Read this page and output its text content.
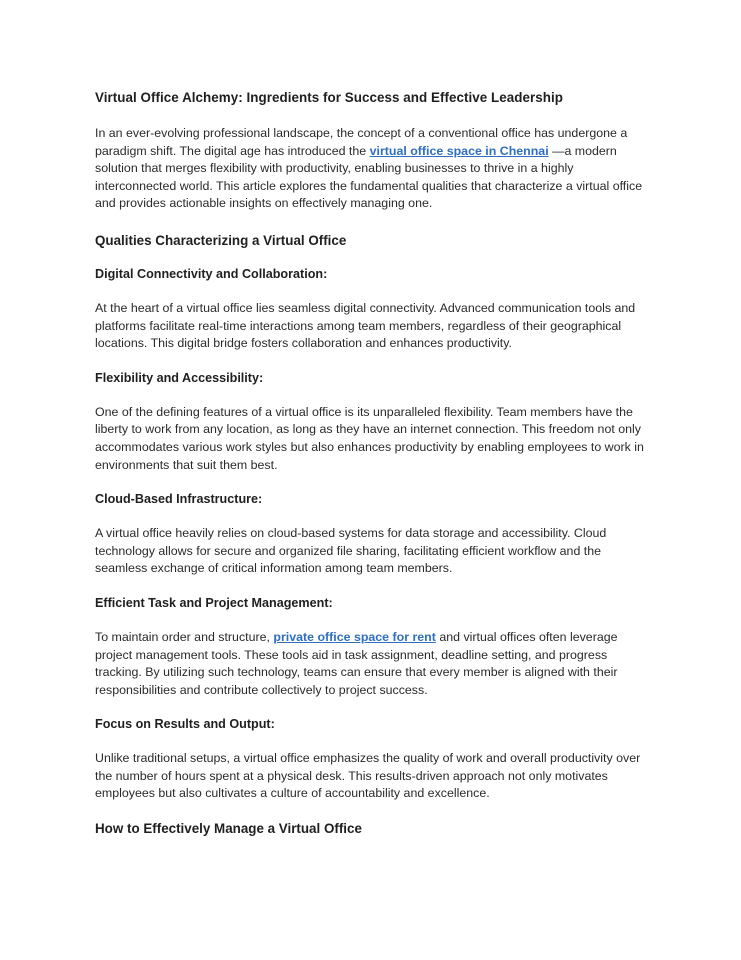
Virtual Office Alchemy: Ingredients for Success and Effective Leadership

In an ever-evolving professional landscape, the concept of a conventional office has undergone a paradigm shift. The digital age has introduced the virtual office space in Chennai —a modern solution that merges flexibility with productivity, enabling businesses to thrive in a highly interconnected world. This article explores the fundamental qualities that characterize a virtual office and provides actionable insights on effectively managing one.

Qualities Characterizing a Virtual Office
Digital Connectivity and Collaboration:

At the heart of a virtual office lies seamless digital connectivity. Advanced communication tools and platforms facilitate real-time interactions among team members, regardless of their geographical locations. This digital bridge fosters collaboration and enhances productivity.

Flexibility and Accessibility:

One of the defining features of a virtual office is its unparalleled flexibility. Team members have the liberty to work from any location, as long as they have an internet connection. This freedom not only accommodates various work styles but also enhances productivity by enabling employees to work in environments that suit them best.

Cloud-Based Infrastructure:

A virtual office heavily relies on cloud-based systems for data storage and accessibility. Cloud technology allows for secure and organized file sharing, facilitating efficient workflow and the seamless exchange of critical information among team members.

Efficient Task and Project Management:

To maintain order and structure, private office space for rent and virtual offices often leverage project management tools. These tools aid in task assignment, deadline setting, and progress tracking. By utilizing such technology, teams can ensure that every member is aligned with their responsibilities and contribute collectively to project success.

Focus on Results and Output:

Unlike traditional setups, a virtual office emphasizes the quality of work and overall productivity over the number of hours spent at a physical desk. This results-driven approach not only motivates employees but also cultivates a culture of accountability and excellence.

How to Effectively Manage a Virtual Office
